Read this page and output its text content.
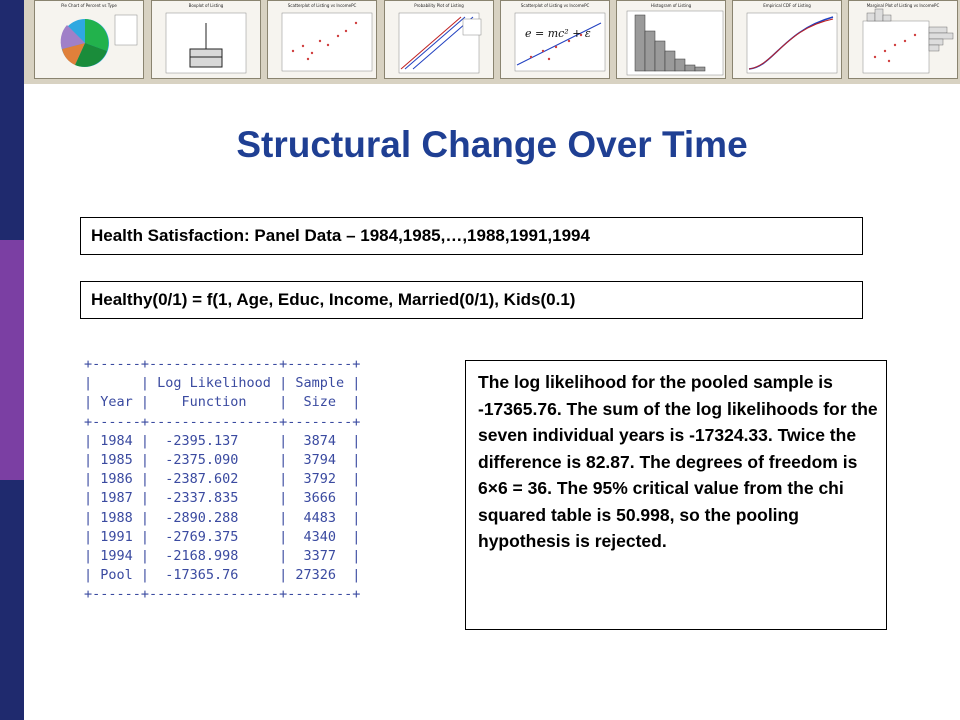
Pie Chart of Percent vs Type	Boxplot of Listing	Scatterplot of Listing vs IncomePC	Probability Plot of Listing	Scatterplot of Listing vs IncomePC
e = mc² + ε
Histogram of Listing	Empirical CDF of Listing	Marginal Plot of Listing vs IncomePC
Structural Change Over Time
Health Satisfaction: Panel Data – 1984,1985,…,1988,1991,1994
Healthy(0/1) = f(1, Age, Educ, Income, Married(0/1), Kids(0.1)
+------+----------------+--------+
|      | Log Likelihood | Sample |
| Year |    Function    |  Size  |
+------+----------------+--------+
| 1984 |  -2395.137     |  3874  |
| 1985 |  -2375.090     |  3794  |
| 1986 |  -2387.602     |  3792  |
| 1987 |  -2337.835     |  3666  |
| 1988 |  -2890.288     |  4483  |
| 1991 |  -2769.375     |  4340  |
| 1994 |  -2168.998     |  3377  |
| Pool |  -17365.76     | 27326  |
+------+----------------+--------+
The log likelihood for the pooled sample is -17365.76. The sum of the log likelihoods for the seven individual years is -17324.33. Twice the difference is 82.87. The degrees of freedom is 6×6 = 36. The 95% critical value from the chi squared table is 50.998, so the pooling hypothesis is rejected.
